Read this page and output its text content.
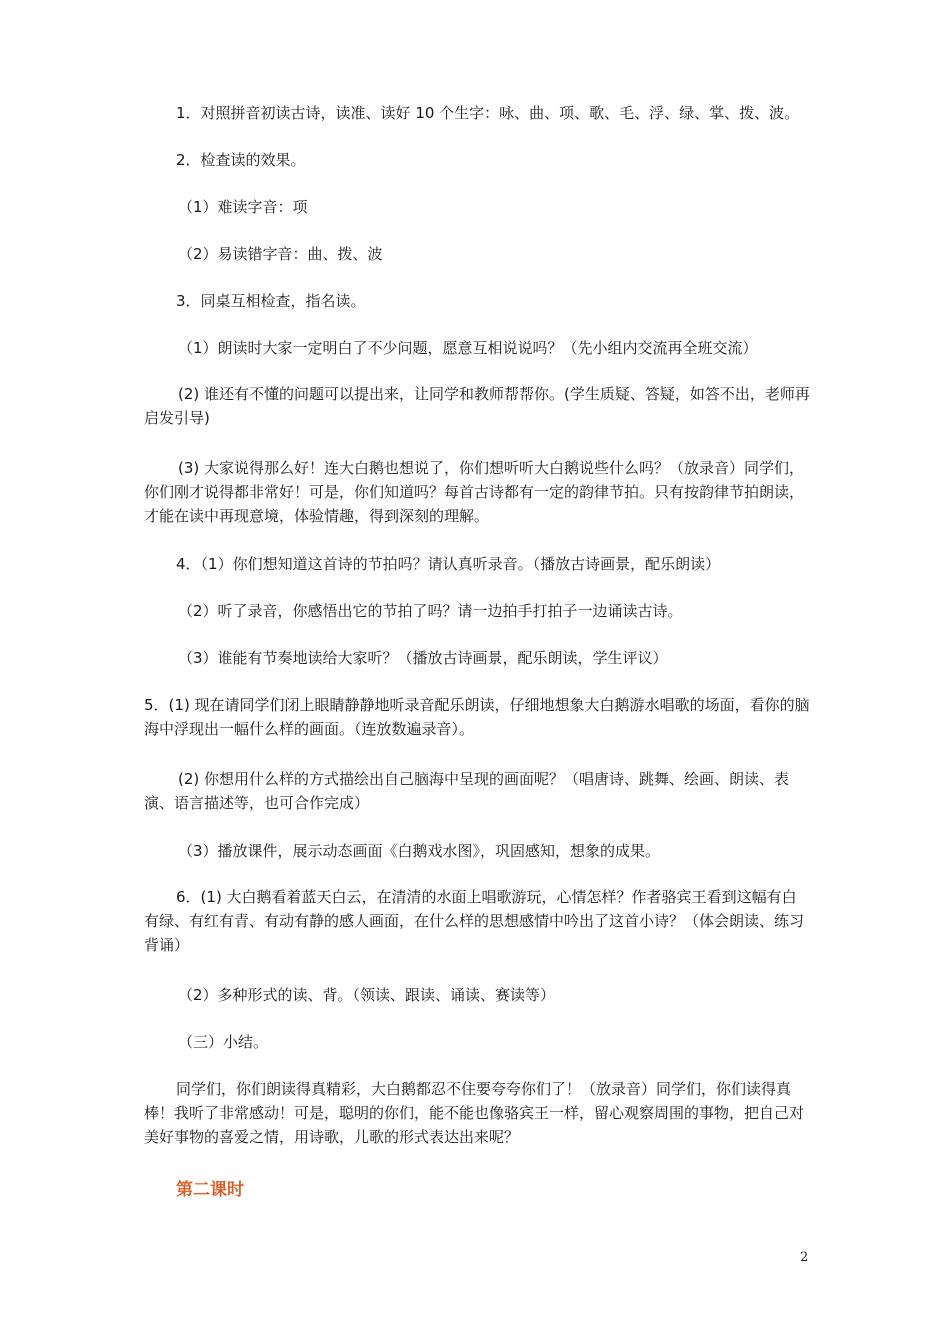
1．对照拼音初读古诗，读准、读好 10 个生字：咏、曲、项、歌、毛、浮、绿、掌、拨、波。
2．检查读的效果。
（1）难读字音：项
（2）易读错字音：曲、拨、波
3．同桌互相检查，指名读。
（1）朗读时大家一定明白了不少问题，愿意互相说说吗？（先小组内交流再全班交流）
(2) 谁还有不懂的问题可以提出来，让同学和教师帮帮你。(学生质疑、答疑，如答不出，老师再启发引导)
(3) 大家说得那么好！连大白鹅也想说了，你们想听听大白鹅说些什么吗？（放录音）同学们，你们刚才说得都非常好！可是，你们知道吗？每首古诗都有一定的韵律节拍。只有按韵律节拍朗读，才能在读中再现意境，体验情趣，得到深刻的理解。
4．（1）你们想知道这首诗的节拍吗？请认真听录音。（播放古诗画景，配乐朗读）
（2）听了录音，你感悟出它的节拍了吗？请一边拍手打拍子一边诵读古诗。
（3）谁能有节奏地读给大家听？（播放古诗画景，配乐朗读，学生评议）
5．(1) 现在请同学们闭上眼睛静静地听录音配乐朗读，仔细地想象大白鹅游水唱歌的场面，看你的脑海中浮现出一幅什么样的画面。（连放数遍录音）。
(2) 你想用什么样的方式描绘出自己脑海中呈现的画面呢？（唱唐诗、跳舞、绘画、朗读、表演、语言描述等，也可合作完成）
（3）播放课件，展示动态画面《白鹅戏水图》，巩固感知，想象的成果。
6．(1) 大白鹅看着蓝天白云，在清清的水面上唱歌游玩，心情怎样？作者骆宾王看到这幅有白有绿、有红有青、有动有静的感人画面，在什么样的思想感情中吟出了这首小诗？（体会朗读、练习背诵）
（2）多种形式的读、背。（领读、跟读、诵读、赛读等）
（三）小结。
同学们，你们朗读得真精彩，大白鹅都忍不住要夸夸你们了！（放录音）同学们，你们读得真棒！我听了非常感动！可是，聪明的你们，能不能也像骆宾王一样，留心观察周围的事物，把自己对美好事物的喜爱之情，用诗歌，儿歌的形式表达出来呢？
第二课时
2
